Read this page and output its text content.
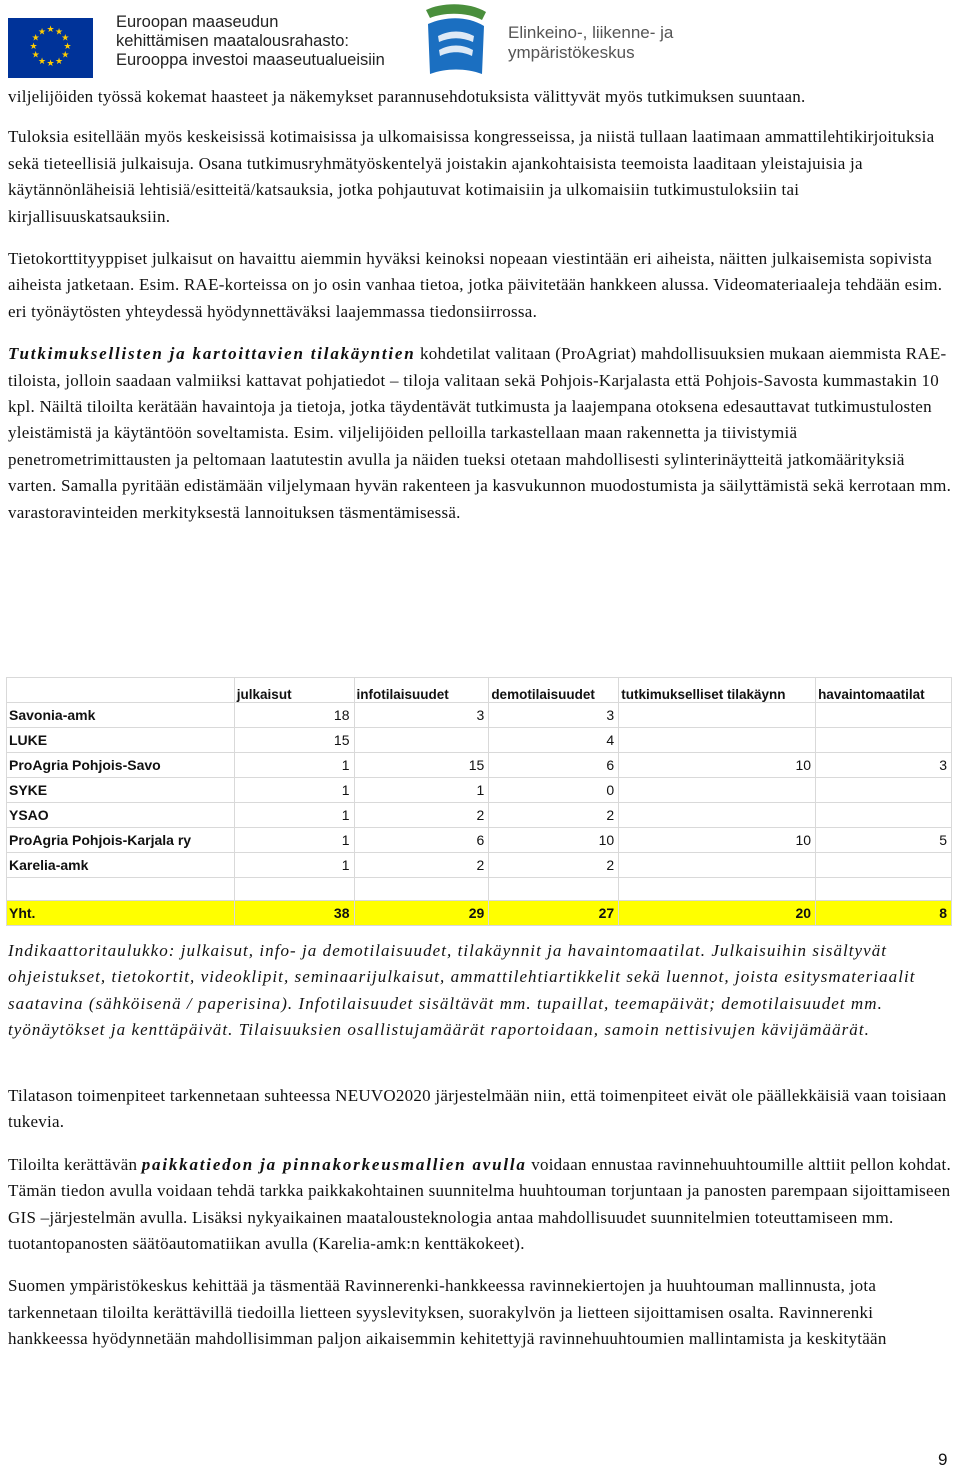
★ ★
★
★
★
★
★
★
★
★
★
★
Euroopan maaseudun
kehittämisen maatalousrahasto:
Eurooppa investoi maaseutualueisiin
Elinkeino-, liikenne- ja
ympäristökeskus

viljelijöiden työssä kokemat haasteet ja näkemykset parannusehdotuksista välittyvät myös tutkimuksen suuntaan.

Tuloksia esitellään myös keskeisissä kotimaisissa ja ulkomaisissa kongresseissa, ja niistä tullaan laatimaan ammattilehtikirjoituksia sekä tieteellisiä julkaisuja. Osana tutkimusryhmätyöskentelyä joistakin ajankohtaisista teemoista laaditaan yleistajuisia ja käytännönläheisiä lehtisiä/esitteitä/katsauksia, jotka pohjautuvat kotimaisiin ja ulkomaisiin tutkimustuloksiin tai kirjallisuuskatsauksiin.

Tietokorttityyppiset julkaisut on havaittu aiemmin hyväksi keinoksi nopeaan viestintään eri aiheista, näitten julkaisemista sopivista aiheista jatketaan. Esim. RAE-korteissa on jo osin vanhaa tietoa, jotka päivitetään hankkeen alussa. Videomateriaaleja tehdään esim. eri työnäytösten yhteydessä hyödynnettäväksi laajemmassa tiedonsiirrossa.

Tutkimuksellisten ja kartoittavien tilakäyntien kohdetilat valitaan (ProAgriat) mahdollisuuksien mukaan aiemmista RAE-tiloista, jolloin saadaan valmiiksi kattavat pohjatiedot – tiloja valitaan sekä Pohjois-Karjalasta että Pohjois-Savosta kummastakin 10 kpl. Näiltä tiloilta kerätään havaintoja ja tietoja, jotka täydentävät tutkimusta ja laajempana otoksena edesauttavat tutkimustulosten yleistämistä ja käytäntöön soveltamista. Esim. viljelijöiden pelloilla tarkastellaan maan rakennetta ja tiivistymiä penetrometrimittausten ja peltomaan laatutestin avulla ja näiden tueksi otetaan mahdollisesti sylinterinäytteitä jatkomäärityksiä varten. Samalla pyritään edistämään viljelymaan hyvän rakenteen ja kasvukunnon muodostumista ja säilyttämistä sekä kerrotaan mm. varastoravinteiden merkityksestä lannoituksen täsmentämisessä.

	julkaisut	infotilaisuudet	demotilaisuudet	tutkimukselliset tilakäynn	havaintomaatilat
Savonia-amk	18	3	3		
LUKE	15		4		
ProAgria Pohjois-Savo	1	15	6	10	3
SYKE	1	1	0		
YSAO	1	2	2		
ProAgria Pohjois-Karjala ry	1	6	10	10	5
Karelia-amk	1	2	2		

Yht.	38	29	27	20	8

Indikaattoritaulukko: julkaisut, info- ja demotilaisuudet, tilakäynnit ja havaintomaatilat. Julkaisuihin sisältyvät ohjeistukset, tietokortit, videoklipit, seminaarijulkaisut, ammattilehtiartikkelit sekä luennot, joista esitysmateriaalit saatavina (sähköisenä / paperisina). Infotilaisuudet sisältävät mm. tupaillat, teemapäivät; demotilaisuudet mm. työnäytökset ja kenttäpäivät. Tilaisuuksien osallistujamäärät raportoidaan, samoin nettisivujen kävijämäärät.

Tilatason toimenpiteet tarkennetaan suhteessa NEUVO2020 järjestelmään niin, että toimenpiteet eivät ole päällekkäisiä vaan toisiaan tukevia.

Tiloilta kerättävän paikkatiedon ja pinnakorkeusmallien avulla voidaan ennustaa ravinnehuuhtoumille alttiit pellon kohdat. Tämän tiedon avulla voidaan tehdä tarkka paikkakohtainen suunnitelma huuhtouman torjuntaan ja panosten parempaan sijoittamiseen GIS –järjestelmän avulla. Lisäksi nykyaikainen maatalousteknologia antaa mahdollisuudet suunnitelmien toteuttamiseen mm. tuotantopanosten säätöautomatiikan avulla (Karelia-amk:n kenttäkokeet).

Suomen ympäristökeskus kehittää ja täsmentää Ravinnerenki-hankkeessa ravinnekiertojen ja huuhtouman mallinnusta, jota tarkennetaan tiloilta kerättävillä tiedoilla lietteen syyslevityksen, suorakylvön ja lietteen sijoittamisen osalta. Ravinnerenki hankkeessa hyödynnetään mahdollisimman paljon aikaisemmin kehitettyjä ravinnehuuhtoumien mallintamista ja keskitytään

9
